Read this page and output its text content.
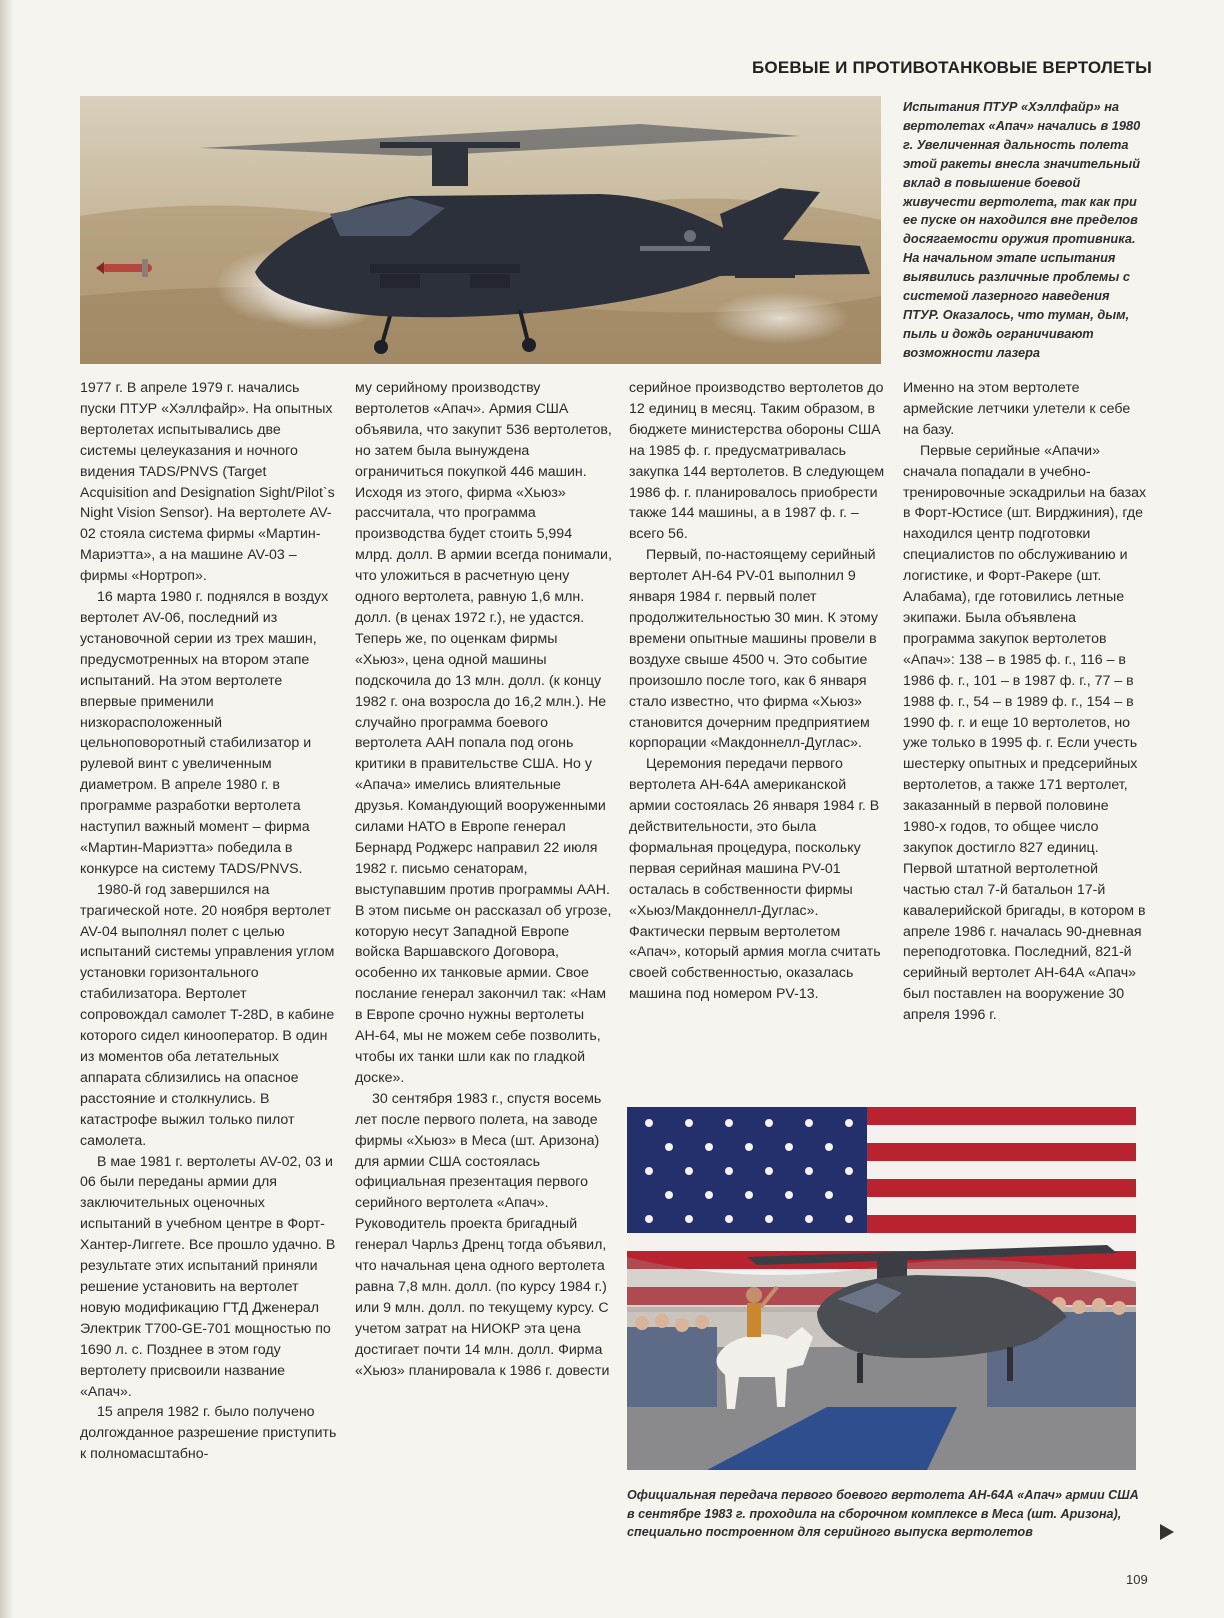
БОЕВЫЕ И ПРОТИВОТАНКОВЫЕ ВЕРТОЛЕТЫ
Испытания ПТУР «Хэллфайр» на вертолетах «Апач» начались в 1980 г. Увеличенная дальность полета этой ракеты внесла значительный вклад в повышение боевой живучести вертолета, так как при ее пуске он находился вне пределов досягаемости оружия противника. На начальном этапе испытания выявились различные проблемы с системой лазерного наведения ПТУР. Оказалось, что туман, дым, пыль и дождь ограничивают возможности лазера

1977 г. В апреле 1979 г. начались пуски ПТУР «Хэллфайр». На опытных вертолетах испытывались две системы целеуказания и ночного видения TADS/PNVS (Target Acquisition and Designation Sight/Pilot`s Night Vision Sensor). На вертолете AV-02 стояла система фирмы «Мартин-Мариэтта», а на машине AV-03 – фирмы «Нортроп».

16 марта 1980 г. поднялся в воздух вертолет AV-06, последний из установочной серии из трех машин, предусмотренных на втором этапе испытаний. На этом вертолете впервые применили низкорасположенный цельноповоротный стабилизатор и рулевой винт с увеличенным диаметром. В апреле 1980 г. в программе разработки вертолета наступил важный момент – фирма «Мартин-Мариэтта» победила в конкурсе на систему TADS/PNVS.

1980-й год завершился на трагической ноте. 20 ноября вертолет AV-04 выполнял полет с целью испытаний системы управления углом установки горизонтального стабилизатора. Вертолет сопровождал самолет T-28D, в кабине которого сидел кинооператор. В один из моментов оба летательных аппарата сблизились на опасное расстояние и столкнулись. В катастрофе выжил только пилот самолета.

В мае 1981 г. вертолеты AV-02, 03 и 06 были переданы армии для заключительных оценочных испытаний в учебном центре в Форт-Хантер-Лиггете. Все прошло удачно. В результате этих испытаний приняли решение установить на вертолет новую модификацию ГТД Дженерал Электрик T700-GE-701 мощностью по 1690 л. с. Позднее в этом году вертолету присвоили название «Апач».

15 апреля 1982 г. было получено долгожданное разрешение приступить к полномасштабно-

му серийному производству вертолетов «Апач». Армия США объявила, что закупит 536 вертолетов, но затем была вынуждена ограничиться покупкой 446 машин. Исходя из этого, фирма «Хьюз» рассчитала, что программа производства будет стоить 5,994 млрд. долл. В армии всегда понимали, что уложиться в расчетную цену одного вертолета, равную 1,6 млн. долл. (в ценах 1972 г.), не удастся. Теперь же, по оценкам фирмы «Хьюз», цена одной машины подскочила до 13 млн. долл. (к концу 1982 г. она возросла до 16,2 млн.). Не случайно программа боевого вертолета ААН попала под огонь критики в правительстве США. Но у «Апача» имелись влиятельные друзья. Командующий вооруженными силами НАТО в Европе генерал Бернард Роджерс направил 22 июля 1982 г. письмо сенаторам, выступавшим против программы ААН. В этом письме он рассказал об угрозе, которую несут Западной Европе войска Варшавского Договора, особенно их танковые армии. Свое послание генерал закончил так: «Нам в Европе срочно нужны вертолеты АН-64, мы не можем себе позволить, чтобы их танки шли как по гладкой доске».

30 сентября 1983 г., спустя восемь лет после первого полета, на заводе фирмы «Хьюз» в Меса (шт. Аризона) для армии США состоялась официальная презентация первого серийного вертолета «Апач». Руководитель проекта бригадный генерал Чарльз Дренц тогда объявил, что начальная цена одного вертолета равна 7,8 млн. долл. (по курсу 1984 г.) или 9 млн. долл. по текущему курсу. С учетом затрат на НИОКР эта цена достигает почти 14 млн. долл. Фирма «Хьюз» планировала к 1986 г. довести

серийное производство вертолетов до 12 единиц в месяц. Таким образом, в бюджете министерства обороны США на 1985 ф. г. предусматривалась закупка 144 вертолетов. В следующем 1986 ф. г. планировалось приобрести также 144 машины, а в 1987 ф. г. – всего 56.

Первый, по-настоящему серийный вертолет АН-64 PV-01 выполнил 9 января 1984 г. первый полет продолжительностью 30 мин. К этому времени опытные машины провели в воздухе свыше 4500 ч. Это событие произошло после того, как 6 января стало известно, что фирма «Хьюз» становится дочерним предприятием корпорации «Макдоннелл-Дуглас».

Церемония передачи первого вертолета АН-64А американской армии состоялась 26 января 1984 г. В действительности, это была формальная процедура, поскольку первая серийная машина PV-01 осталась в собственности фирмы «Хьюз/Макдоннелл-Дуглас». Фактически первым вертолетом «Апач», который армия могла считать своей собственностью, оказалась машина под номером PV-13.

Именно на этом вертолете армейские летчики улетели к себе на базу.

Первые серийные «Апачи» сначала попадали в учебно-тренировочные эскадрильи на базах в Форт-Юстисе (шт. Вирджиния), где находился центр подготовки специалистов по обслуживанию и логистике, и Форт-Ракере (шт. Алабама), где готовились летные экипажи. Была объявлена программа закупок вертолетов «Апач»: 138 – в 1985 ф. г., 116 – в 1986 ф. г., 101 – в 1987 ф. г., 77 – в 1988 ф. г., 54 – в 1989 ф. г., 154 – в 1990 ф. г. и еще 10 вертолетов, но уже только в 1995 ф. г. Если учесть шестерку опытных и предсерийных вертолетов, а также 171 вертолет, заказанный в первой половине 1980-х годов, то общее число закупок достигло 827 единиц. Первой штатной вертолетной частью стал 7-й батальон 17-й кавалерийской бригады, в котором в апреле 1986 г. началась 90-дневная переподготовка. Последний, 821-й серийный вертолет АН-64А «Апач» был поставлен на вооружение 30 апреля 1996 г.

Официальная передача первого боевого вертолета АН-64А «Апач» армии США в сентябре 1983 г. проходила на сборочном комплексе в Меса (шт. Аризона), специально построенном для серийного выпуска вертолетов
109
